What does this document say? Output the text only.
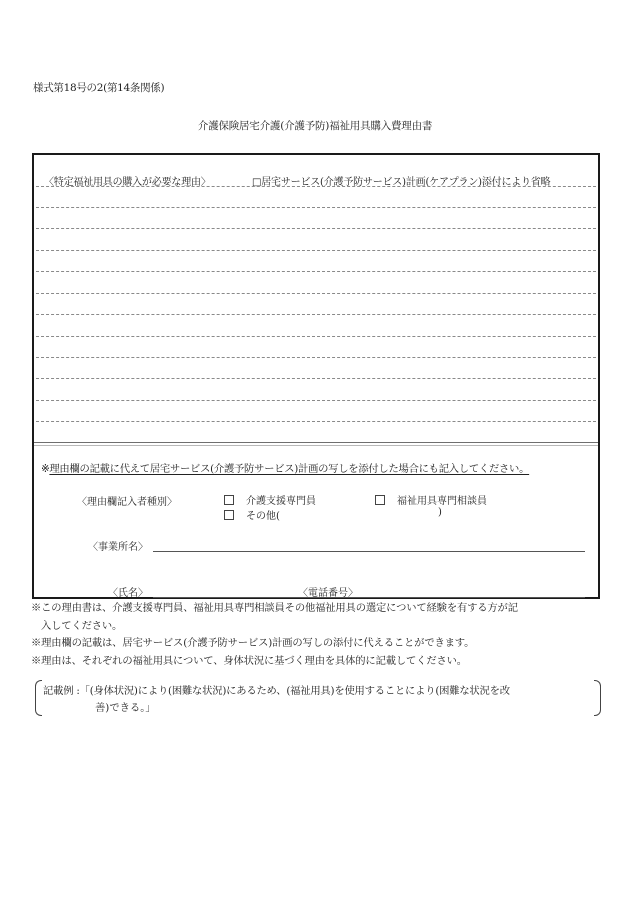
様式第18号の2(第14条関係)
介護保険居宅介護(介護予防)福祉用具購入費理由書
〈特定福祉用具の購入が必要な理由〉	□居宅サービス(介護予防サービス)計画(ケアプラン)添付により省略
※理由欄の記載に代えて居宅サービス(介護予防サービス)計画の写しを添付した場合にも記入してください。
〈理由欄記入者種別〉	介護支援専門員	福祉用具専門相談員
その他(	)
〈事業所名〉
〈氏名〉	〈電話番号〉
※この理由書は、介護支援専門員、福祉用具専門相談員その他福祉用具の選定について経験を有する方が記
入してください。
※理由欄の記載は、居宅サービス(介護予防サービス)計画の写しの添付に代えることができます。
※理由は、それぞれの福祉用具について、身体状況に基づく理由を具体的に記載してください。
記載例 :「(身体状況)により(困難な状況)にあるため、(福祉用具)を使用することにより(困難な状況を改
善)できる。」
